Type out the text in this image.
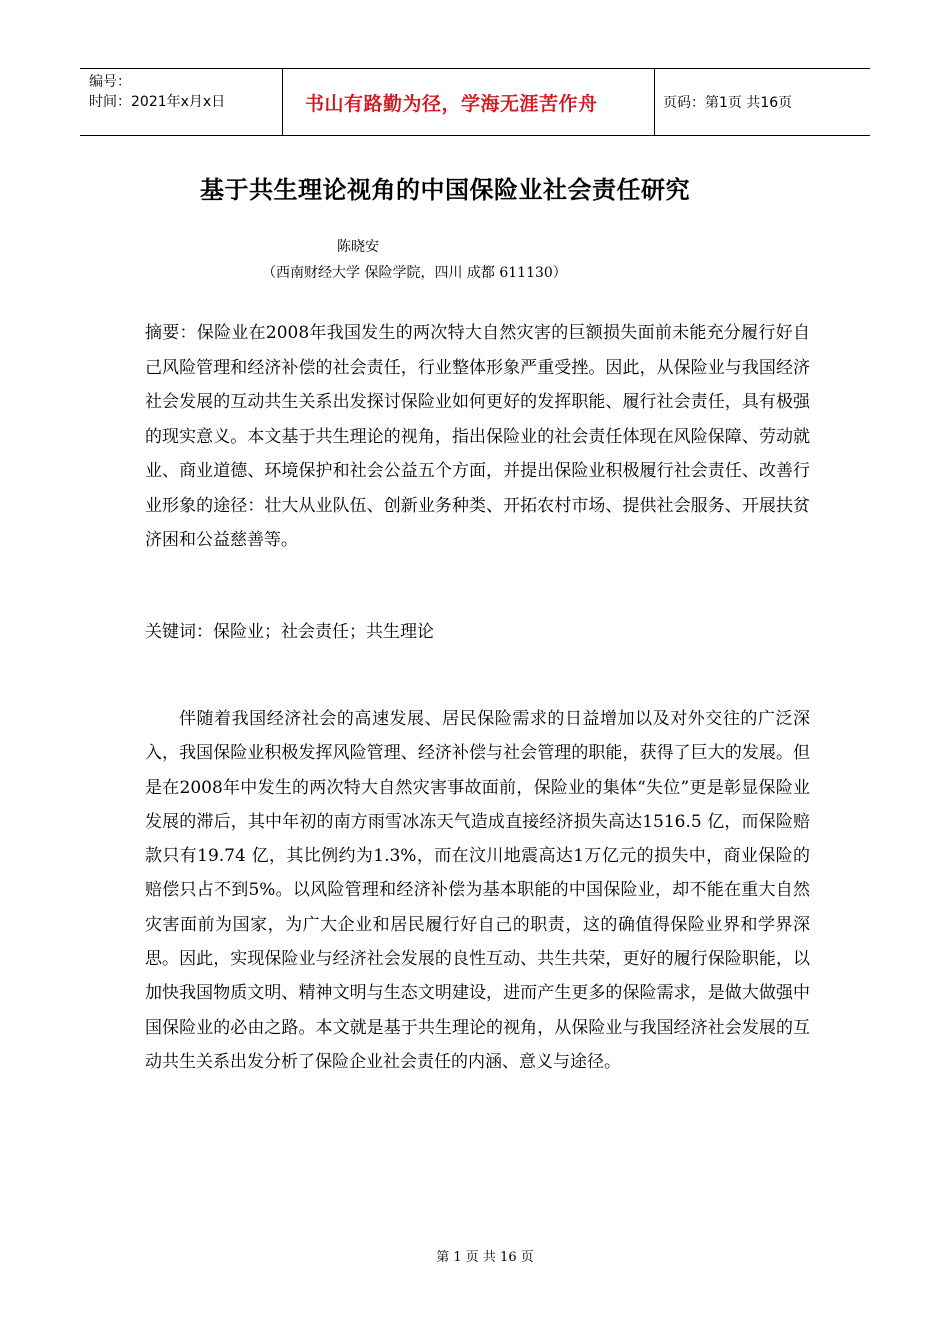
编号：
时间：2021年x月x日	书山有路勤为径，学海无涯苦作舟	页码：第1页 共16页
基于共生理论视角的中国保险业社会责任研究
陈晓安
（西南财经大学 保险学院，四川 成都 611130）

摘要：保险业在2008年我国发生的两次特大自然灾害的巨额损失面前未能充分履行好自己风险管理和经济补偿的社会责任，行业整体形象严重受挫。因此，从保险业与我国经济社会发展的互动共生关系出发探讨保险业如何更好的发挥职能、履行社会责任，具有极强的现实意义。本文基于共生理论的视角，指出保险业的社会责任体现在风险保障、劳动就业、商业道德、环境保护和社会公益五个方面，并提出保险业积极履行社会责任、改善行业形象的途径：壮大从业队伍、创新业务种类、开拓农村市场、提供社会服务、开展扶贫济困和公益慈善等。

关键词：保险业；社会责任；共生理论

伴随着我国经济社会的高速发展、居民保险需求的日益增加以及对外交往的广泛深入，我国保险业积极发挥风险管理、经济补偿与社会管理的职能，获得了巨大的发展。但是在2008年中发生的两次特大自然灾害事故面前，保险业的集体“失位”更是彰显保险业发展的滞后，其中年初的南方雨雪冰冻天气造成直接经济损失高达1516.5 亿，而保险赔款只有19.74 亿，其比例约为1.3%，而在汶川地震高达1万亿元的损失中，商业保险的赔偿只占不到5%。以风险管理和经济补偿为基本职能的中国保险业，却不能在重大自然灾害面前为国家，为广大企业和居民履行好自己的职责，这的确值得保险业界和学界深思。因此，实现保险业与经济社会发展的良性互动、共生共荣，更好的履行保险职能，以加快我国物质文明、精神文明与生态文明建设，进而产生更多的保险需求，是做大做强中国保险业的必由之路。本文就是基于共生理论的视角，从保险业与我国经济社会发展的互动共生关系出发分析了保险企业社会责任的内涵、意义与途径。

第 1 页 共 16 页
